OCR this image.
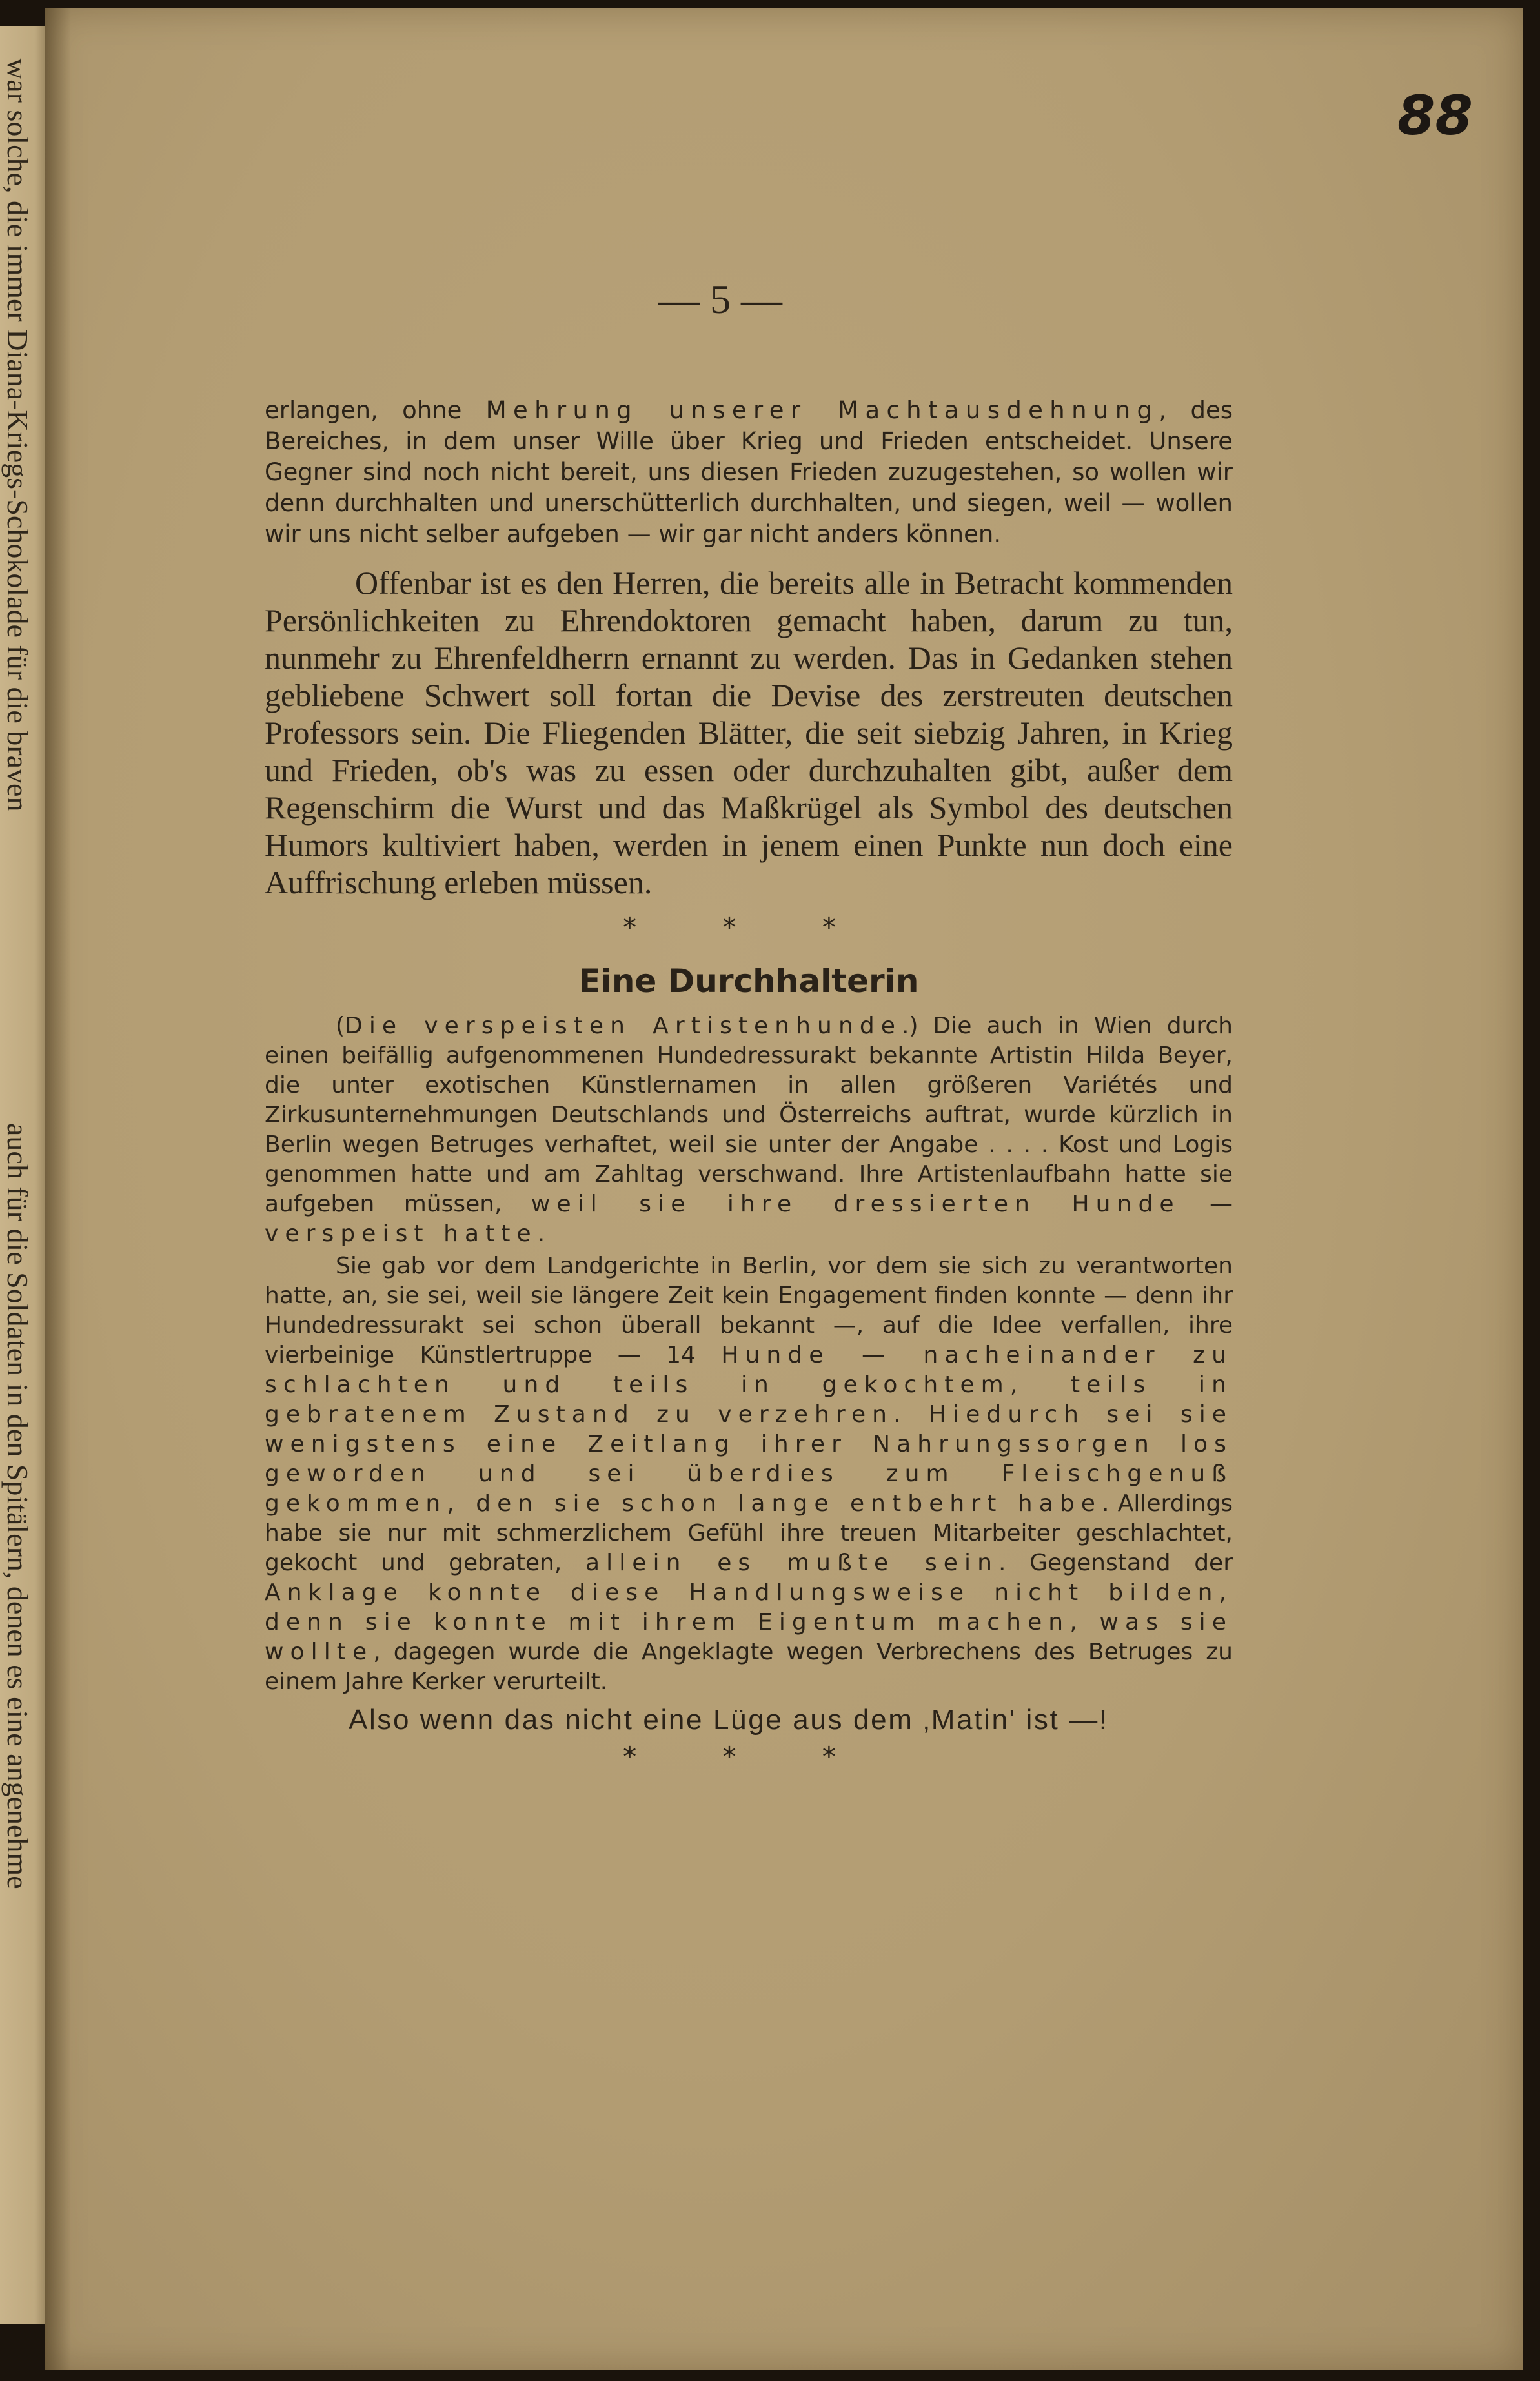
war solche, die immer Diana-Kriegs-Schokolade für die braven
auch für die Soldaten in den Spitälern, denen es eine angenehme
88
— 5 —

erlangen, ohne Mehrung unserer Machtausdehnung, des Bereiches, in dem unser Wille über Krieg und Frieden entscheidet. Unsere Gegner sind noch nicht bereit, uns diesen Frieden zuzugestehen, so wollen wir denn durchhalten und unerschütterlich durchhalten, und siegen, weil — wollen wir uns nicht selber aufgeben — wir gar nicht anders können.

Offenbar ist es den Herren, die bereits alle in Betracht kommenden Persönlichkeiten zu Ehrendoktoren gemacht haben, darum zu tun, nunmehr zu Ehrenfeldherrn ernannt zu werden. Das in Gedanken stehen gebliebene Schwert soll fortan die Devise des zerstreuten deutschen Professors sein. Die Fliegenden Blätter, die seit siebzig Jahren, in Krieg und Frieden, ob's was zu essen oder durchzuhalten gibt, außer dem Regenschirm die Wurst und das Maßkrügel als Symbol des deutschen Humors kultiviert haben, werden in jenem einen Punkte nun doch eine Auffrischung erleben müssen.

* * *
Eine Durchhalterin

(Die verspeisten Artistenhunde.) Die auch in Wien durch einen beifällig aufgenommenen Hundedressurakt bekannte Artistin Hilda Beyer, die unter exotischen Künstlernamen in allen größeren Variétés und Zirkusunternehmungen Deutschlands und Österreichs auftrat, wurde kürzlich in Berlin wegen Betruges verhaftet, weil sie unter der Angabe . . . . Kost und Logis genommen hatte und am Zahltag verschwand. Ihre Artistenlaufbahn hatte sie aufgeben müssen, weil sie ihre dressierten Hunde — verspeist hatte.

Sie gab vor dem Landgerichte in Berlin, vor dem sie sich zu verantworten hatte, an, sie sei, weil sie längere Zeit kein Engagement finden konnte — denn ihr Hundedressurakt sei schon überall bekannt —, auf die Idee verfallen, ihre vierbeinige Künstlertruppe — 14 Hunde — nacheinander zu schlachten und teils in gekochtem, teils in gebratenem Zustand zu verzehren. Hiedurch sei sie wenigstens eine Zeitlang ihrer Nahrungssorgen los geworden und sei überdies zum Fleischgenuß gekommen, den sie schon lange entbehrt habe. Allerdings habe sie nur mit schmerzlichem Gefühl ihre treuen Mitarbeiter geschlachtet, gekocht und gebraten, allein es mußte sein. Gegenstand der Anklage konnte diese Handlungsweise nicht bilden, denn sie konnte mit ihrem Eigentum machen, was sie wollte, dagegen wurde die Angeklagte wegen Verbrechens des Betruges zu einem Jahre Kerker verurteilt.

Also wenn das nicht eine Lüge aus dem ‚Matin' ist —!

* * *
